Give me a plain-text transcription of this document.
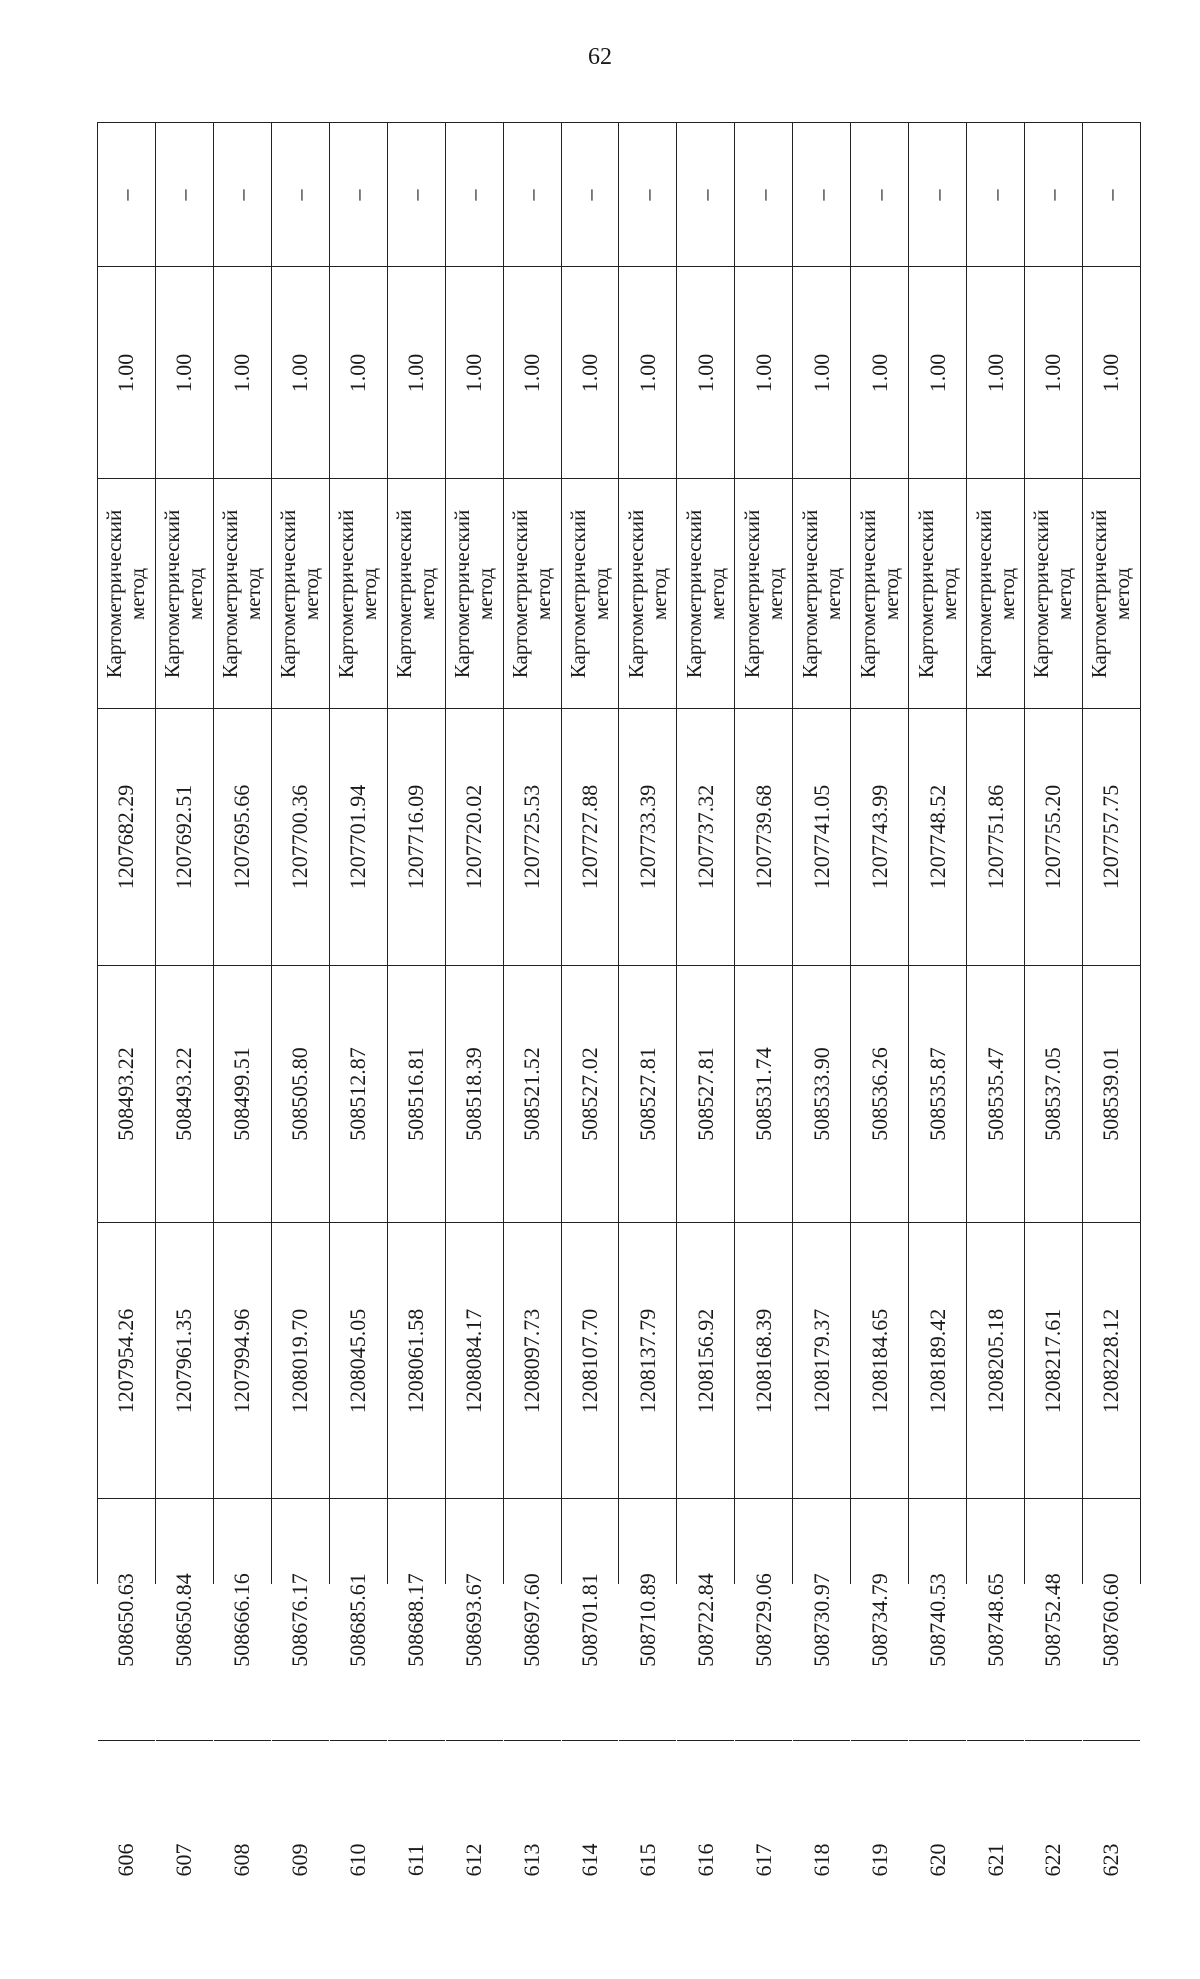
62
–
1.00
Картометрический метод
1207682.29
508493.22
1207954.26
508650.63
606
–
1.00
Картометрический метод
1207692.51
508493.22
1207961.35
508650.84
607
–
1.00
Картометрический метод
1207695.66
508499.51
1207994.96
508666.16
608
–
1.00
Картометрический метод
1207700.36
508505.80
1208019.70
508676.17
609
–
1.00
Картометрический метод
1207701.94
508512.87
1208045.05
508685.61
610
–
1.00
Картометрический метод
1207716.09
508516.81
1208061.58
508688.17
611
–
1.00
Картометрический метод
1207720.02
508518.39
1208084.17
508693.67
612
–
1.00
Картометрический метод
1207725.53
508521.52
1208097.73
508697.60
613
–
1.00
Картометрический метод
1207727.88
508527.02
1208107.70
508701.81
614
–
1.00
Картометрический метод
1207733.39
508527.81
1208137.79
508710.89
615
–
1.00
Картометрический метод
1207737.32
508527.81
1208156.92
508722.84
616
–
1.00
Картометрический метод
1207739.68
508531.74
1208168.39
508729.06
617
–
1.00
Картометрический метод
1207741.05
508533.90
1208179.37
508730.97
618
–
1.00
Картометрический метод
1207743.99
508536.26
1208184.65
508734.79
619
–
1.00
Картометрический метод
1207748.52
508535.87
1208189.42
508740.53
620
–
1.00
Картометрический метод
1207751.86
508535.47
1208205.18
508748.65
621
–
1.00
Картометрический метод
1207755.20
508537.05
1208217.61
508752.48
622
–
1.00
Картометрический метод
1207757.75
508539.01
1208228.12
508760.60
623
